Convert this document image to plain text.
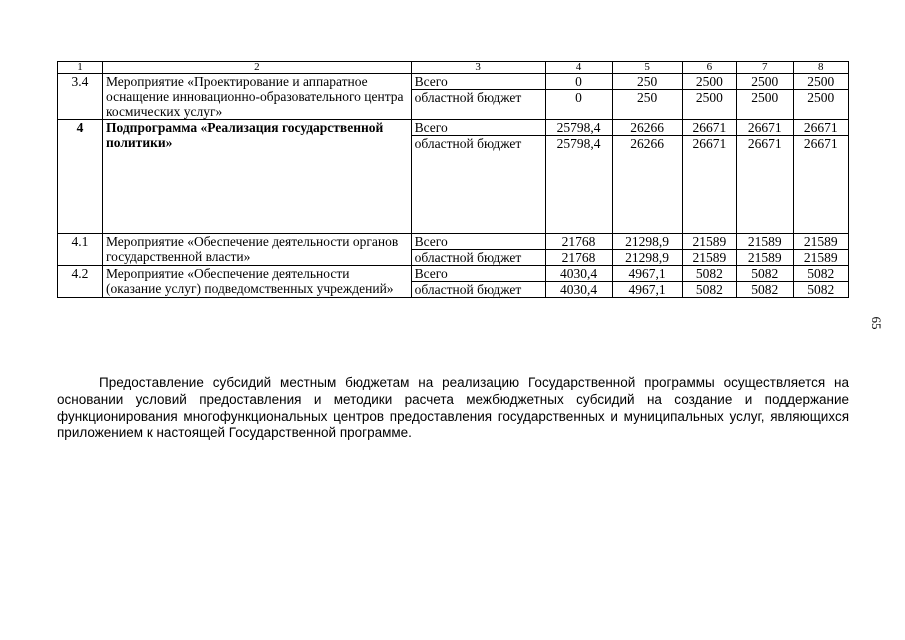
1	2	3	4	5	6	7	8
3.4	Мероприятие «Проектирование и аппаратное оснащение инновационно-образовательного центра космических услуг»	Всего	0	250	2500	2500	2500
		областной бюджет	0	250	2500	2500	2500
4	Подпрограмма «Реализация государственной политики»	Всего	25798,4	26266	26671	26671	26671
		областной бюджет	25798,4	26266	26671	26671	26671

4.1	Мероприятие «Обеспечение деятельности органов государственной власти»	Всего	21768	21298,9	21589	21589	21589
		областной бюджет	21768	21298,9	21589	21589	21589
4.2	Мероприятие «Обеспечение деятельности (оказание услуг) подведомственных учреждений»	Всего	4030,4	4967,1	5082	5082	5082
		областной бюджет	4030,4	4967,1	5082	5082	5082
65

Предоставление субсидий местным бюджетам на реализацию Государственной программы осуществляется на основании условий предоставления и методики расчета межбюджетных субсидий на создание и поддержание функционирования многофункциональных центров предоставления государственных и муниципальных услуг, являющихся приложением к настоящей Государственной программе.
